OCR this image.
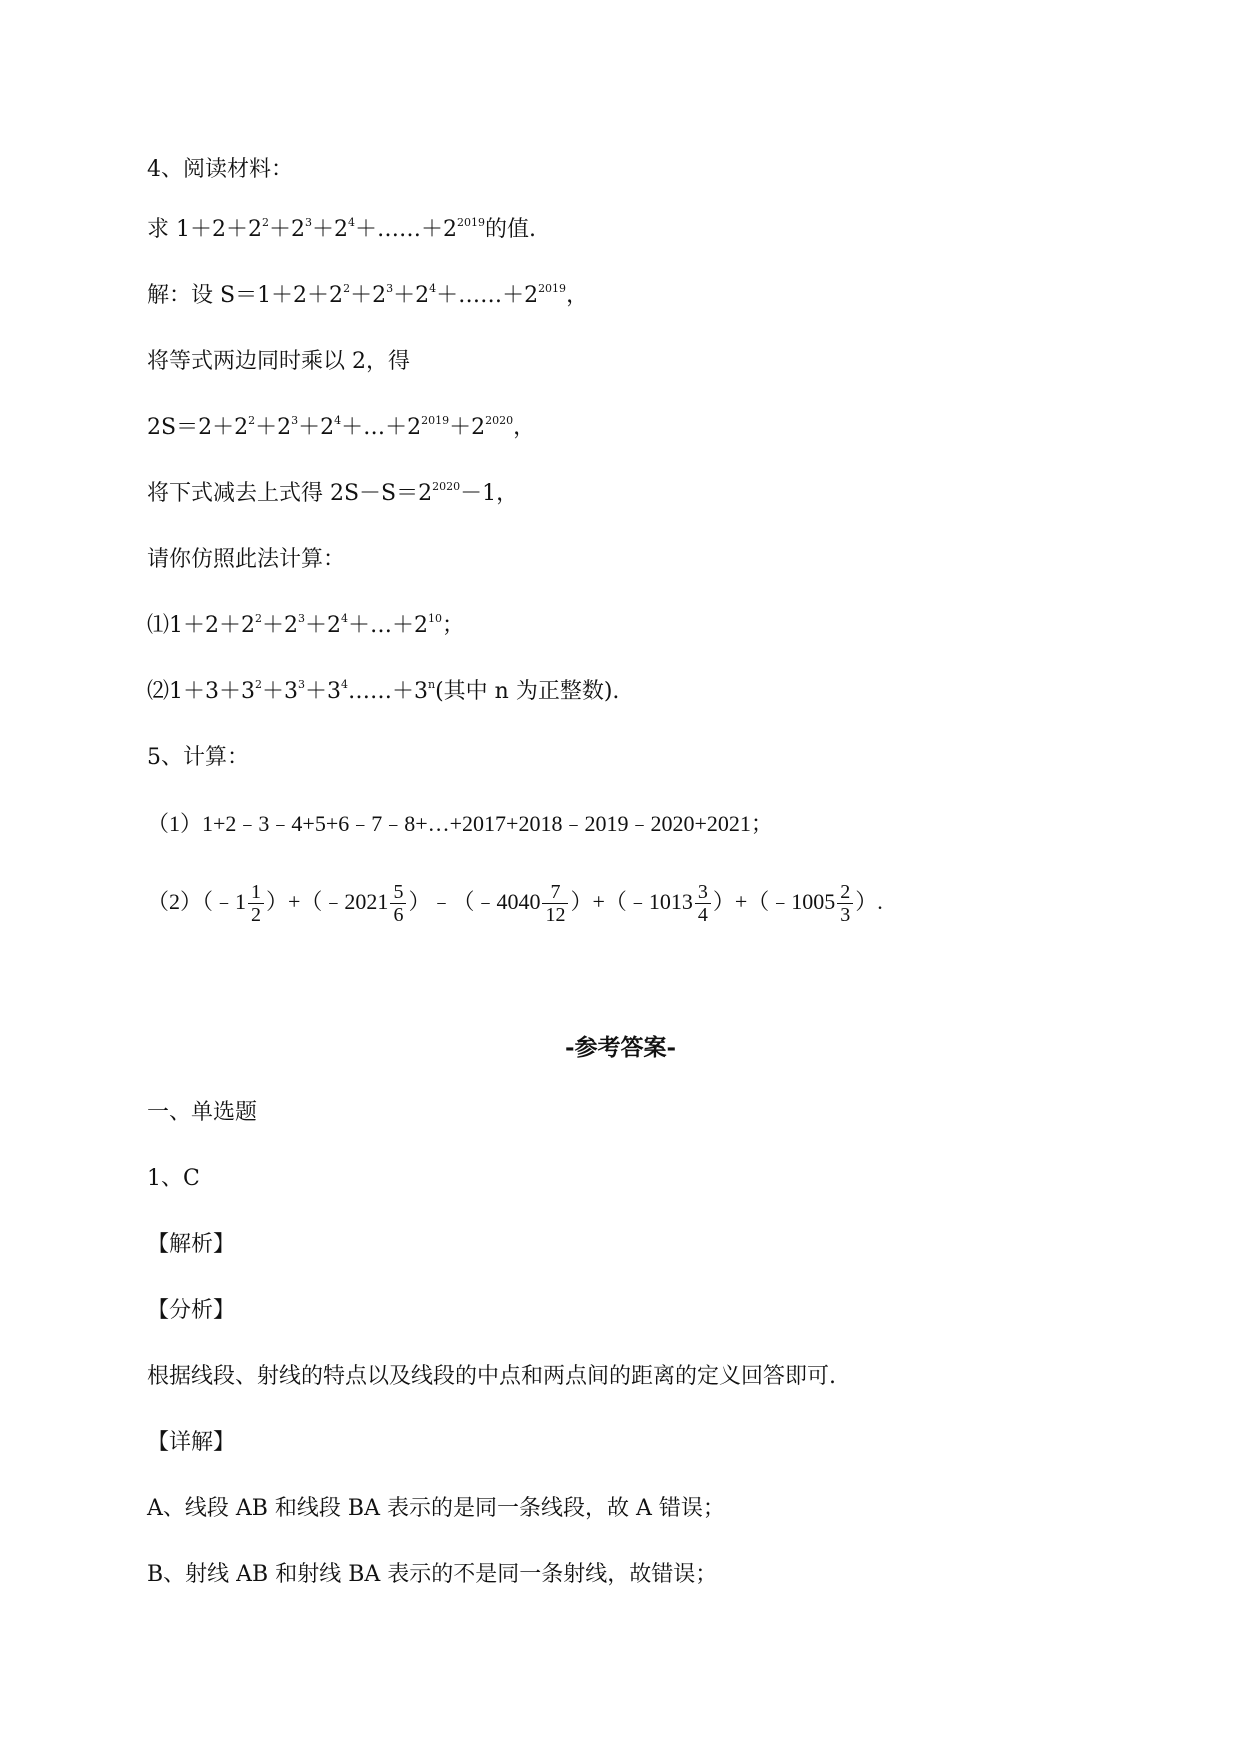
4、阅读材料：
求 $1+2+2^2+2^3+2^4+\dots\dots+2^{2019}$的值.
解：设 $S=1+2+2^2+2^3+2^4+\dots\dots+2^{2019}$，
将等式两边同时乘以 2，得
$2S=2+2^2+2^3+2^4+\dots+2^{2019}+2^{2020}$，
将下式减去上式得 $2S-S=2^{2020}-1$，
请你仿照此法计算：
$⑴1+2+2^2+2^3+2^4+\dots+2^{10}$；
$⑵1+3+3^2+3^3+3^4\dots\dots+3^n$(其中 n 为正整数).
5、计算：
（1）1+2﹣3﹣4+5+6﹣7﹣8+…+2017+2018﹣2019﹣2020+2021；
（2）（﹣1 $\frac{1}{2}$ ）+（﹣2021 $\frac{5}{6}$ ）﹣（﹣4040 $\frac{7}{12}$ ）+（﹣1013 $\frac{3}{4}$ ）+（﹣1005 $\frac{2}{3}$ ）.
-参考答案-
一、单选题
1、C
【解析】
【分析】
根据线段、射线的特点以及线段的中点和两点间的距离的定义回答即可.
【详解】
A、线段 AB 和线段 BA 表示的是同一条线段，故 A 错误；
B、射线 AB 和射线 BA 表示的不是同一条射线，故错误；
